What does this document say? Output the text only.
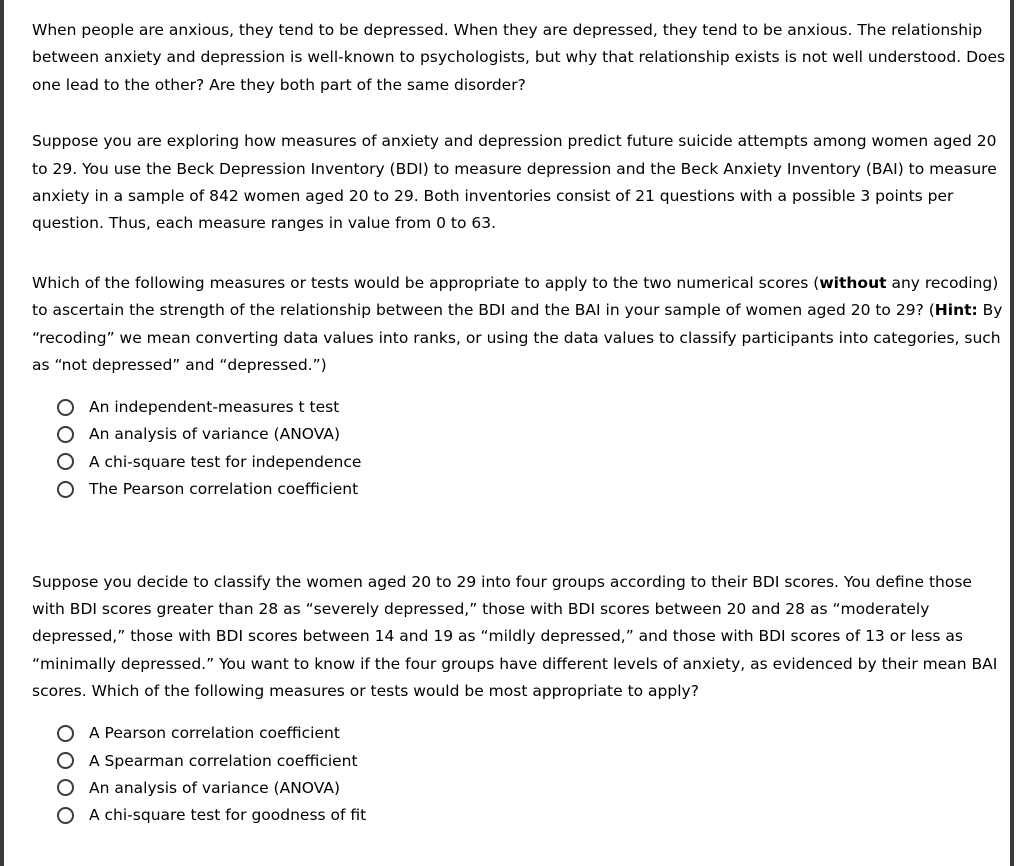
When people are anxious, they tend to be depressed. When they are depressed, they tend to be anxious. The relationship between anxiety and depression is well-known to psychologists, but why that relationship exists is not well understood. Does one lead to the other? Are they both part of the same disorder?

Suppose you are exploring how measures of anxiety and depression predict future suicide attempts among women aged 20 to 29. You use the Beck Depression Inventory (BDI) to measure depression and the Beck Anxiety Inventory (BAI) to measure anxiety in a sample of 842 women aged 20 to 29. Both inventories consist of 21 questions with a possible 3 points per question. Thus, each measure ranges in value from 0 to 63.

Which of the following measures or tests would be appropriate to apply to the two numerical scores (without any recoding) to ascertain the strength of the relationship between the BDI and the BAI in your sample of women aged 20 to 29? (Hint: By “recoding” we mean converting data values into ranks, or using the data values to classify participants into categories, such as “not depressed” and “depressed.”)

An independent-measures t test
An analysis of variance (ANOVA)
A chi-square test for independence
The Pearson correlation coefficient

Suppose you decide to classify the women aged 20 to 29 into four groups according to their BDI scores. You define those with BDI scores greater than 28 as “severely depressed,” those with BDI scores between 20 and 28 as “moderately depressed,” those with BDI scores between 14 and 19 as “mildly depressed,” and those with BDI scores of 13 or less as “minimally depressed.” You want to know if the four groups have different levels of anxiety, as evidenced by their mean BAI scores. Which of the following measures or tests would be most appropriate to apply?

A Pearson correlation coefficient
A Spearman correlation coefficient
An analysis of variance (ANOVA)
A chi-square test for goodness of fit
